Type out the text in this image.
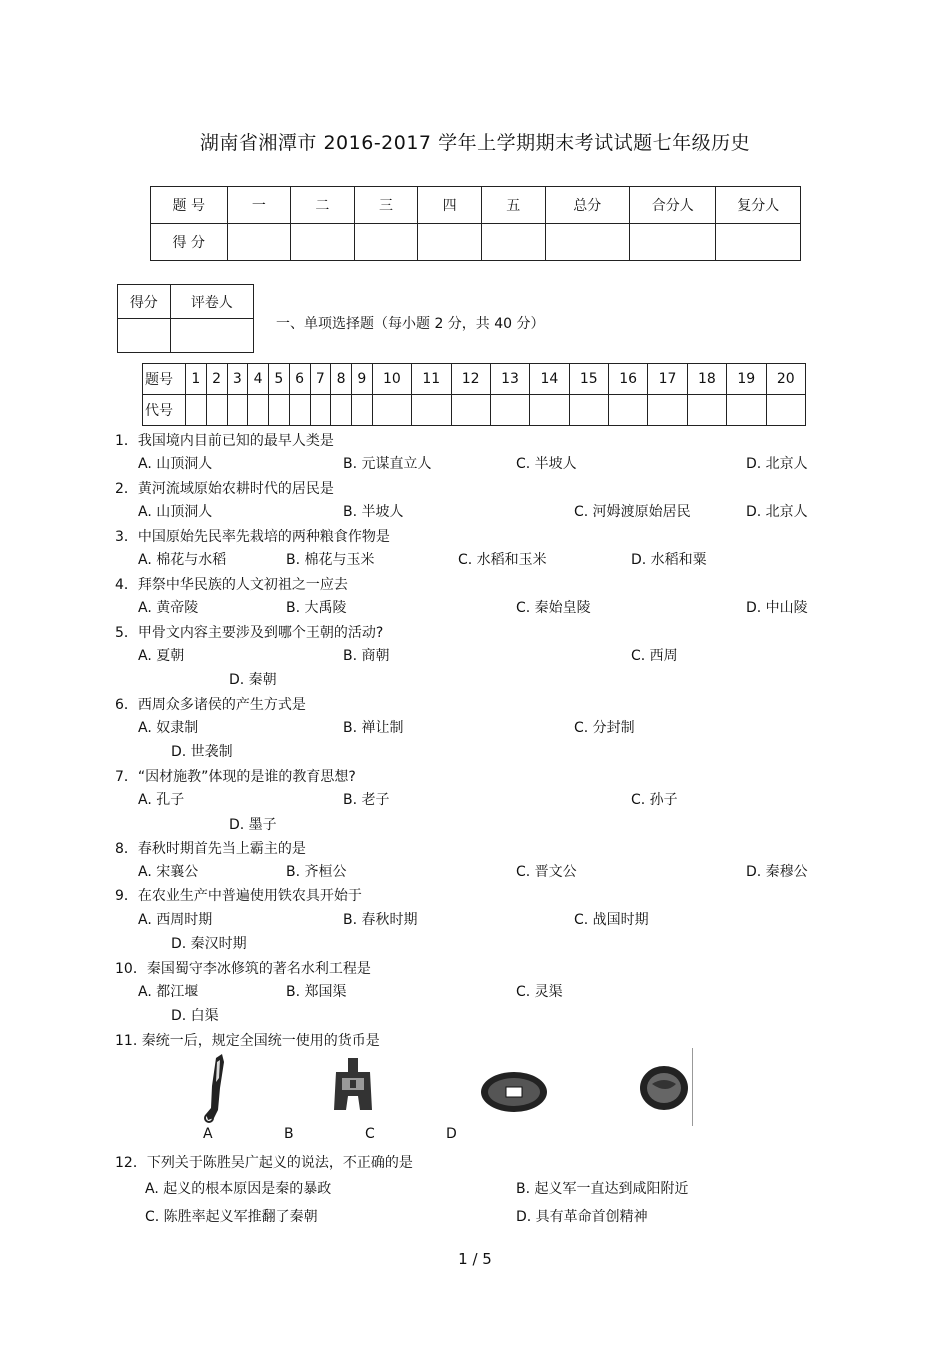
湖南省湘潭市 2016-2017 学年上学期期末考试试题七年级历史
题 号	一	二	三	四	五	总分	合分人	复分人
得 分								
得分	评卷人

一、单项选择题（每小题 2 分，共 40 分）
题号	1	2	3	4	5	6	7	8	9	10	11	12	13	14	15	16	17	18	19	20
代号																				
1．我国境内目前已知的最早人类是
A. 山顶洞人	B. 元谋直立人	C. 半坡人	D. 北京人
2．黄河流域原始农耕时代的居民是
A. 山顶洞人	B. 半坡人	C. 河姆渡原始居民	D. 北京人
3．中国原始先民率先栽培的两种粮食作物是
A. 棉花与水稻	B. 棉花与玉米	C. 水稻和玉米	D. 水稻和粟
4．拜祭中华民族的人文初祖之一应去
A. 黄帝陵	B. 大禹陵	C. 秦始皇陵	D. 中山陵
5．甲骨文内容主要涉及到哪个王朝的活动?
A. 夏朝	B. 商朝	C. 西周
D. 秦朝
6．西周众多诸侯的产生方式是
A. 奴隶制	B. 禅让制	C. 分封制
D. 世袭制
7．“因材施教”体现的是谁的教育思想?
A. 孔子	B. 老子	C. 孙子
D. 墨子
8．春秋时期首先当上霸主的是
A. 宋襄公	B. 齐桓公	C. 晋文公	D. 秦穆公
9．在农业生产中普遍使用铁农具开始于
A. 西周时期	B. 春秋时期	C. 战国时期
D. 秦汉时期
10．秦国蜀守李冰修筑的著名水利工程是
A. 都江堰	B. 郑国渠	C. 灵渠
D. 白渠
11. 秦统一后，规定全国统一使用的货币是
A	B	C	D
12．下列关于陈胜吴广起义的说法，不正确的是
A. 起义的根本原因是秦的暴政	B. 起义军一直达到咸阳附近
C. 陈胜率起义军推翻了秦朝	D. 具有革命首创精神
1 / 5
